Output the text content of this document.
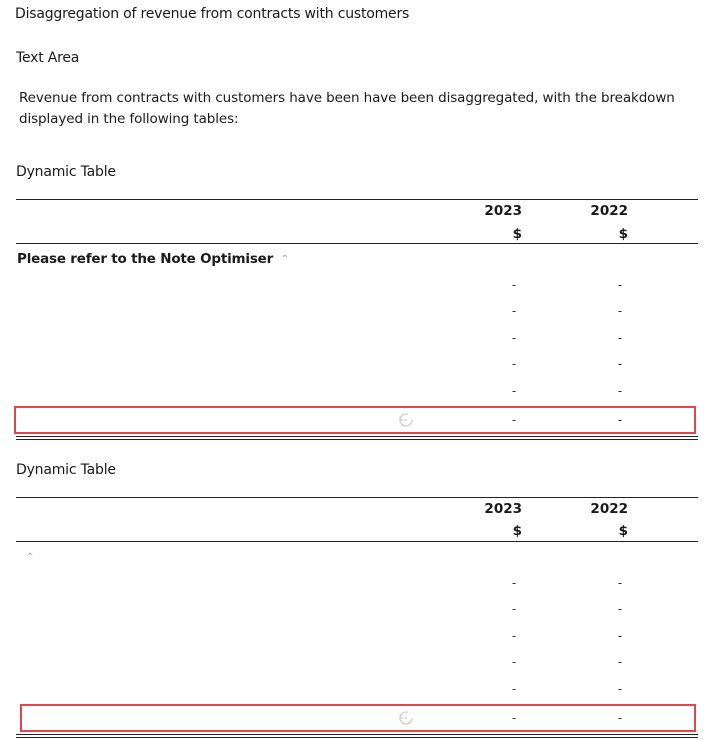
Disaggregation of revenue from contracts with customers
Text Area
Revenue from contracts with customers have been have been disaggregated, with the breakdown displayed in the following tables:
Dynamic Table
2023	2022
$	$
Please refer to the Note Optimiser ⌃
-	-
-	-
-	-
-	-
-	-
-	-
Dynamic Table
2023	2022
$	$
⌃
-	-
-	-
-	-
-	-
-	-
-	-
